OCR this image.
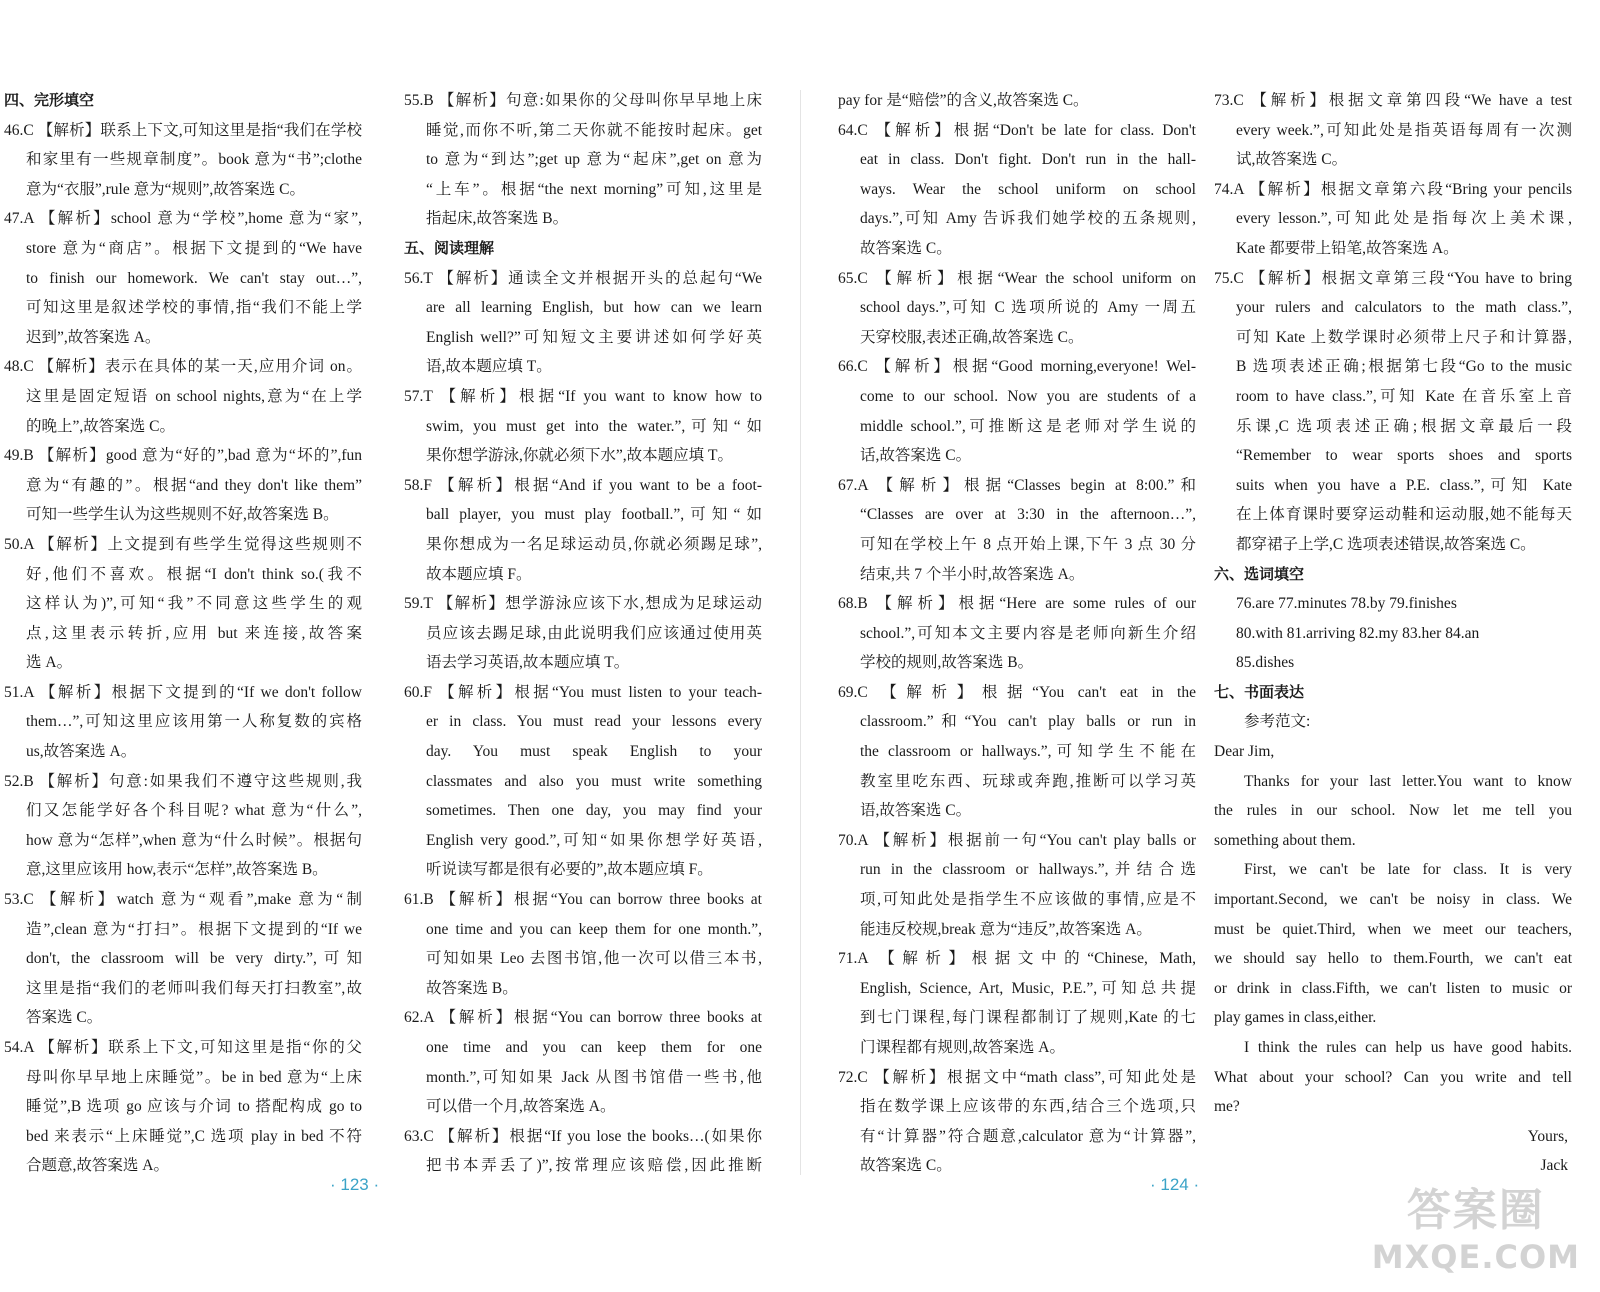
四、完形填空
46.C 【解析】联系上下文,可知这里是指“我们在学校
和家里有一些规章制度”。book 意为“书”;clothe
意为“衣服”,rule 意为“规则”,故答案选 C。
47.A 【解析】school 意为“学校”,home 意为“家”,
store 意为“商店”。根据下文提到的“We have
to finish our homework. We can't stay out…”,
可知这里是叙述学校的事情,指“我们不能上学
迟到”,故答案选 A。
48.C 【解析】表示在具体的某一天,应用介词 on。
这里是固定短语 on school nights,意为“在上学
的晚上”,故答案选 C。
49.B 【解析】good 意为“好的”,bad 意为“坏的”,fun
意为“有趣的”。根据“and they don't like them”
可知一些学生认为这些规则不好,故答案选 B。
50.A 【解析】上文提到有些学生觉得这些规则不
好,他们不喜欢。根据“I don't think so.(我不
这样认为)”,可知“我”不同意这些学生的观
点,这里表示转折,应用 but 来连接,故答案
选 A。
51.A 【解析】根据下文提到的“If we don't follow
them…”,可知这里应该用第一人称复数的宾格
us,故答案选 A。
52.B 【解析】句意:如果我们不遵守这些规则,我
们又怎能学好各个科目呢? what 意为“什么”,
how 意为“怎样”,when 意为“什么时候”。根据句
意,这里应该用 how,表示“怎样”,故答案选 B。
53.C 【解析】watch 意为“观看”,make 意为“制
造”,clean 意为“打扫”。根据下文提到的“If we
don't, the classroom will be very dirty.”,可知
这里是指“我们的老师叫我们每天打扫教室”,故
答案选 C。
54.A 【解析】联系上下文,可知这里是指“你的父
母叫你早早地上床睡觉”。be in bed 意为“上床
睡觉”,B 选项 go 应该与介词 to 搭配构成 go to
bed 来表示“上床睡觉”,C 选项 play in bed 不符
合题意,故答案选 A。
55.B 【解析】句意:如果你的父母叫你早早地上床
睡觉,而你不听,第二天你就不能按时起床。get
to 意为“到达”;get up 意为“起床”,get on 意为
“上车”。根据“the next morning”可知,这里是
指起床,故答案选 B。
五、阅读理解
56.T 【解析】通读全文并根据开头的总起句“We
are all learning English, but how can we learn
English well?”可知短文主要讲述如何学好英
语,故本题应填 T。
57.T 【解析】根据“If you want to know how to
swim, you must get into the water.”,可知“如
果你想学游泳,你就必须下水”,故本题应填 T。
58.F 【解析】根据“And if you want to be a foot-
ball player, you must play football.”,可知“如
果你想成为一名足球运动员,你就必须踢足球”,
故本题应填 F。
59.T 【解析】想学游泳应该下水,想成为足球运动
员应该去踢足球,由此说明我们应该通过使用英
语去学习英语,故本题应填 T。
60.F 【解析】根据“You must listen to your teach-
er in class. You must read your lessons every
day. You must speak English to your
classmates and also you must write something
sometimes. Then one day, you may find your
English very good.”,可知“如果你想学好英语,
听说读写都是很有必要的”,故本题应填 F。
61.B 【解析】根据“You can borrow three books at
one time and you can keep them for one month.”,
可知如果 Leo 去图书馆,他一次可以借三本书,
故答案选 B。
62.A 【解析】根据“You can borrow three books at
one time and you can keep them for one
month.”,可知如果 Jack 从图书馆借一些书,他
可以借一个月,故答案选 A。
63.C 【解析】根据“If you lose the books…(如果你
把书本弄丢了)”,按常理应该赔偿,因此推断
pay for 是“赔偿”的含义,故答案选 C。
64.C 【解析】根据“Don't be late for class. Don't
eat in class. Don't fight. Don't run in the hall-
ways. Wear the school uniform on school
days.”,可知 Amy 告诉我们她学校的五条规则,
故答案选 C。
65.C 【解析】根据“Wear the school uniform on
school days.”,可知 C 选项所说的 Amy 一周五
天穿校服,表述正确,故答案选 C。
66.C 【解析】根据“Good morning,everyone! Wel-
come to our school. Now you are students of a
middle school.”,可推断这是老师对学生说的
话,故答案选 C。
67.A 【解析】根据“Classes begin at 8:00.”和
“Classes are over at 3:30 in the afternoon…”,
可知在学校上午 8 点开始上课,下午 3 点 30 分
结束,共 7 个半小时,故答案选 A。
68.B 【解析】根据“Here are some rules of our
school.”,可知本文主要内容是老师向新生介绍
学校的规则,故答案选 B。
69.C 【解析】根据“You can't eat in the
classroom.”和“You can't play balls or run in
the classroom or hallways.”,可知学生不能在
教室里吃东西、玩球或奔跑,推断可以学习英
语,故答案选 C。
70.A 【解析】根据前一句“You can't play balls or
run in the classroom or hallways.”,并结合选
项,可知此处是指学生不应该做的事情,应是不
能违反校规,break 意为“违反”,故答案选 A。
71.A 【解析】根据文中的“Chinese, Math,
English, Science, Art, Music, P.E.”,可知总共提
到七门课程,每门课程都制订了规则,Kate 的七
门课程都有规则,故答案选 A。
72.C 【解析】根据文中“math class”,可知此处是
指在数学课上应该带的东西,结合三个选项,只
有“计算器”符合题意,calculator 意为“计算器”,
故答案选 C。
73.C 【解析】根据文章第四段“We have a test
every week.”,可知此处是指英语每周有一次测
试,故答案选 C。
74.A 【解析】根据文章第六段“Bring your pencils
every lesson.”,可知此处是指每次上美术课,
Kate 都要带上铅笔,故答案选 A。
75.C 【解析】根据文章第三段“You have to bring
your rulers and calculators to the math class.”,
可知 Kate 上数学课时必须带上尺子和计算器,
B 选项表述正确;根据第七段“Go to the music
room to have class.”,可知 Kate 在音乐室上音
乐课,C 选项表述正确;根据文章最后一段
“Remember to wear sports shoes and sports
suits when you have a P.E. class.”,可知 Kate
在上体育课时要穿运动鞋和运动服,她不能每天
都穿裙子上学,C 选项表述错误,故答案选 C。
六、选词填空
76.are 77.minutes 78.by 79.finishes
80.with 81.arriving 82.my 83.her 84.an
85.dishes
七、书面表达
参考范文:
Dear Jim,
Thanks for your last letter.You want to know
the rules in our school. Now let me tell you
something about them.
First, we can't be late for class. It is very
important.Second, we can't be noisy in class. We
must be quiet.Third, when we meet our teachers,
we should say hello to them.Fourth, we can't eat
or drink in class.Fifth, we can't listen to music or
play games in class,either.
I think the rules can help us have good habits.
What about your school? Can you write and tell
me?
Yours,
Jack
· 123 ·	· 124 ·
答案圈
MXQE.COM
